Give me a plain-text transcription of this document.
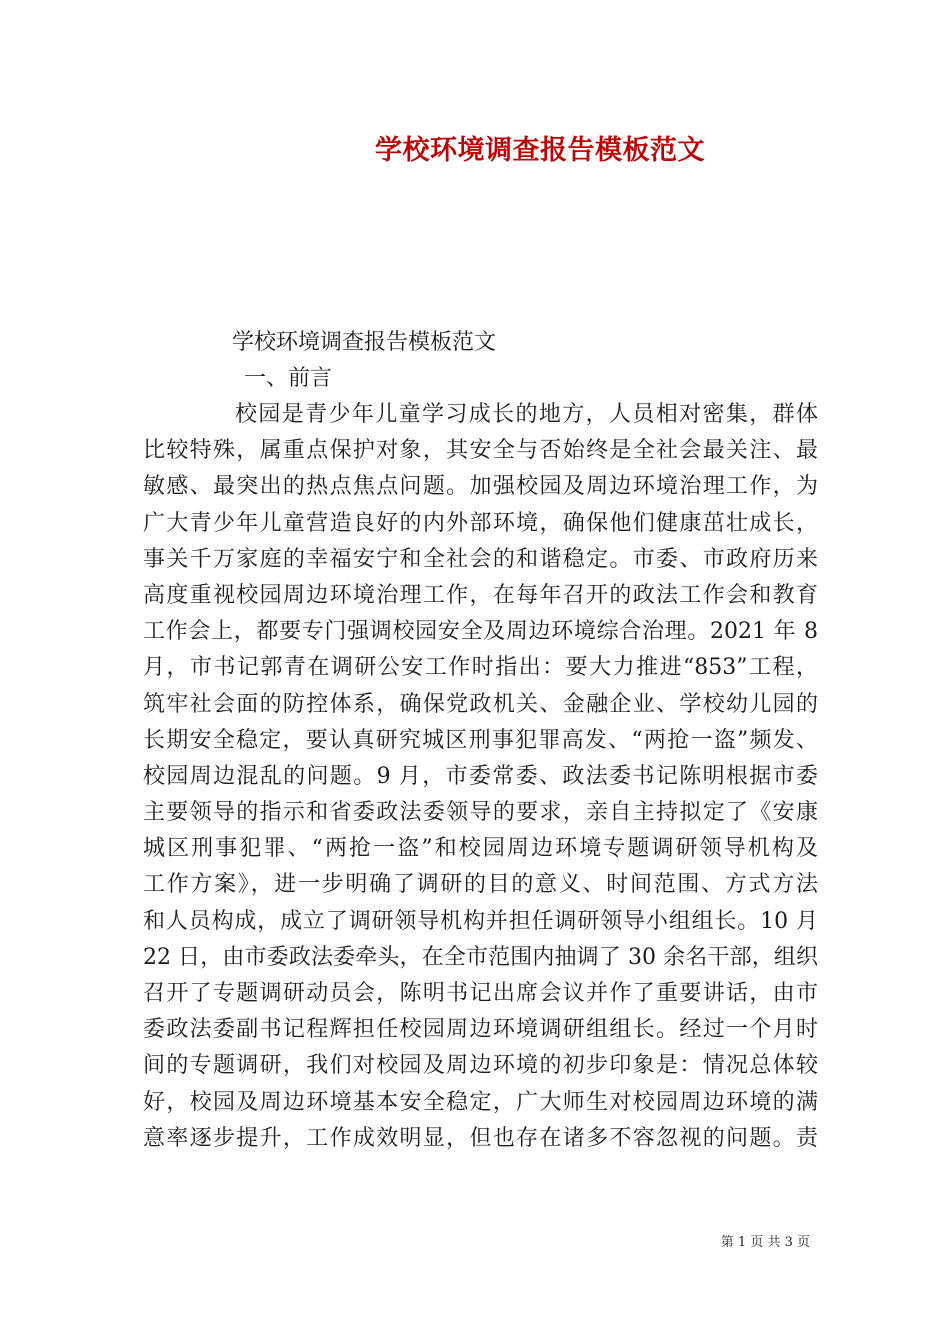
学校环境调查报告模板范文
学校环境调查报告模板范文
一、前言
校园是青少年儿童学习成长的地方，人员相对密集，群体
比较特殊，属重点保护对象，其安全与否始终是全社会最关注、最
敏感、最突出的热点焦点问题。加强校园及周边环境治理工作，为
广大青少年儿童营造良好的内外部环境，确保他们健康茁壮成长，
事关千万家庭的幸福安宁和全社会的和谐稳定。市委、市政府历来
高度重视校园周边环境治理工作，在每年召开的政法工作会和教育
工作会上，都要专门强调校园安全及周边环境综合治理。2021 年 8
月，市书记郭青在调研公安工作时指出：要大力推进“853”工程，
筑牢社会面的防控体系，确保党政机关、金融企业、学校幼儿园的
长期安全稳定，要认真研究城区刑事犯罪高发、“两抢一盗”频发、
校园周边混乱的问题。9 月，市委常委、政法委书记陈明根据市委
主要领导的指示和省委政法委领导的要求，亲自主持拟定了《安康
城区刑事犯罪、“两抢一盗”和校园周边环境专题调研领导机构及
工作方案》，进一步明确了调研的目的意义、时间范围、方式方法
和人员构成，成立了调研领导机构并担任调研领导小组组长。10 月
22 日，由市委政法委牵头，在全市范围内抽调了 30 余名干部，组织
召开了专题调研动员会，陈明书记出席会议并作了重要讲话，由市
委政法委副书记程辉担任校园周边环境调研组组长。经过一个月时
间的专题调研，我们对校园及周边环境的初步印象是：情况总体较
好，校园及周边环境基本安全稳定，广大师生对校园周边环境的满
意率逐步提升，工作成效明显，但也存在诸多不容忽视的问题。责
第 1 页 共 3 页
